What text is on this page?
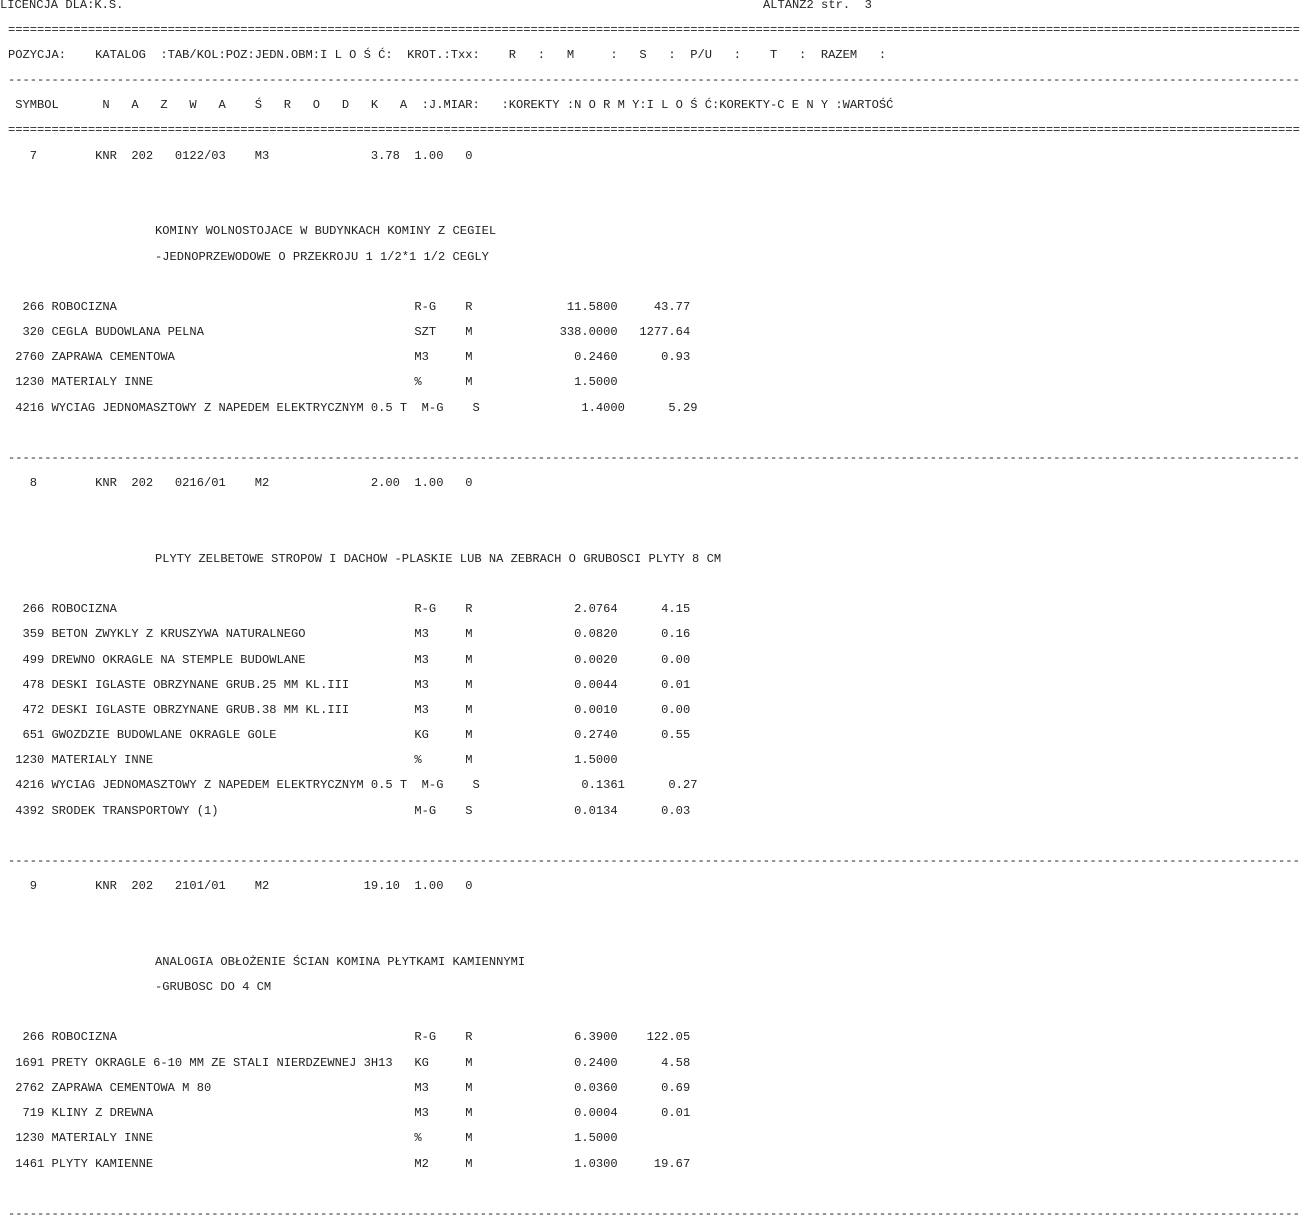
LICENCJA DLA:K.S.	ALTANZ2 str.  3
==================================================================================================================================================================================
POZYCJA:    KATALOG  :TAB/KOL:POZ:JEDN.OBM:I L O Ś Ć:  KROT.:Txx:    R   :   M     :   S   :  P/U   :    T   :  RAZEM   :
----------------------------------------------------------------------------------------------------------------------------------------------------------------------------------
SYMBOL      N   A   Z   W   A    Ś   R   O   D   K   A  :J.MIAR:   :KOREKTY :N O R M Y:I L O Ś Ć:KOREKTY-C E N Y :WARTOŚĆ
==================================================================================================================================================================================
7        KNR  202   0122/03    M3              3.78  1.00   0
KOMINY WOLNOSTOJACE W BUDYNKACH KOMINY Z CEGIEL
-JEDNOPRZEWODOWE O PRZEKROJU 1 1/2*1 1/2 CEGLY
266 ROBOCIZNA                                         R-G    R             11.5800     43.77
320 CEGLA BUDOWLANA PELNA                             SZT    M            338.0000   1277.64
2760 ZAPRAWA CEMENTOWA                                 M3     M              0.2460      0.93
1230 MATERIALY INNE                                    %      M              1.5000
4216 WYCIAG JEDNOMASZTOWY Z NAPEDEM ELEKTRYCZNYM 0.5 T  M-G    S              1.4000      5.29
----------------------------------------------------------------------------------------------------------------------------------------------------------------------------------
8        KNR  202   0216/01    M2              2.00  1.00   0
PLYTY ZELBETOWE STROPOW I DACHOW -PLASKIE LUB NA ZEBRACH O GRUBOSCI PLYTY 8 CM
266 ROBOCIZNA                                         R-G    R              2.0764      4.15
359 BETON ZWYKLY Z KRUSZYWA NATURALNEGO               M3     M              0.0820      0.16
499 DREWNO OKRAGLE NA STEMPLE BUDOWLANE               M3     M              0.0020      0.00
478 DESKI IGLASTE OBRZYNANE GRUB.25 MM KL.III         M3     M              0.0044      0.01
472 DESKI IGLASTE OBRZYNANE GRUB.38 MM KL.III         M3     M              0.0010      0.00
651 GWOZDZIE BUDOWLANE OKRAGLE GOLE                   KG     M              0.2740      0.55
1230 MATERIALY INNE                                    %      M              1.5000
4216 WYCIAG JEDNOMASZTOWY Z NAPEDEM ELEKTRYCZNYM 0.5 T  M-G    S              0.1361      0.27
4392 SRODEK TRANSPORTOWY (1)                           M-G    S              0.0134      0.03
----------------------------------------------------------------------------------------------------------------------------------------------------------------------------------
9        KNR  202   2101/01    M2             19.10  1.00   0
ANALOGIA OBŁOŻENIE ŚCIAN KOMINA PŁYTKAMI KAMIENNYMI
-GRUBOSC DO 4 CM
266 ROBOCIZNA                                         R-G    R              6.3900    122.05
1691 PRETY OKRAGLE 6-10 MM ZE STALI NIERDZEWNEJ 3H13   KG     M              0.2400      4.58
2762 ZAPRAWA CEMENTOWA M 80                            M3     M              0.0360      0.69
719 KLINY Z DREWNA                                    M3     M              0.0004      0.01
1230 MATERIALY INNE                                    %      M              1.5000
1461 PLYTY KAMIENNE                                    M2     M              1.0300     19.67
----------------------------------------------------------------------------------------------------------------------------------------------------------------------------------
